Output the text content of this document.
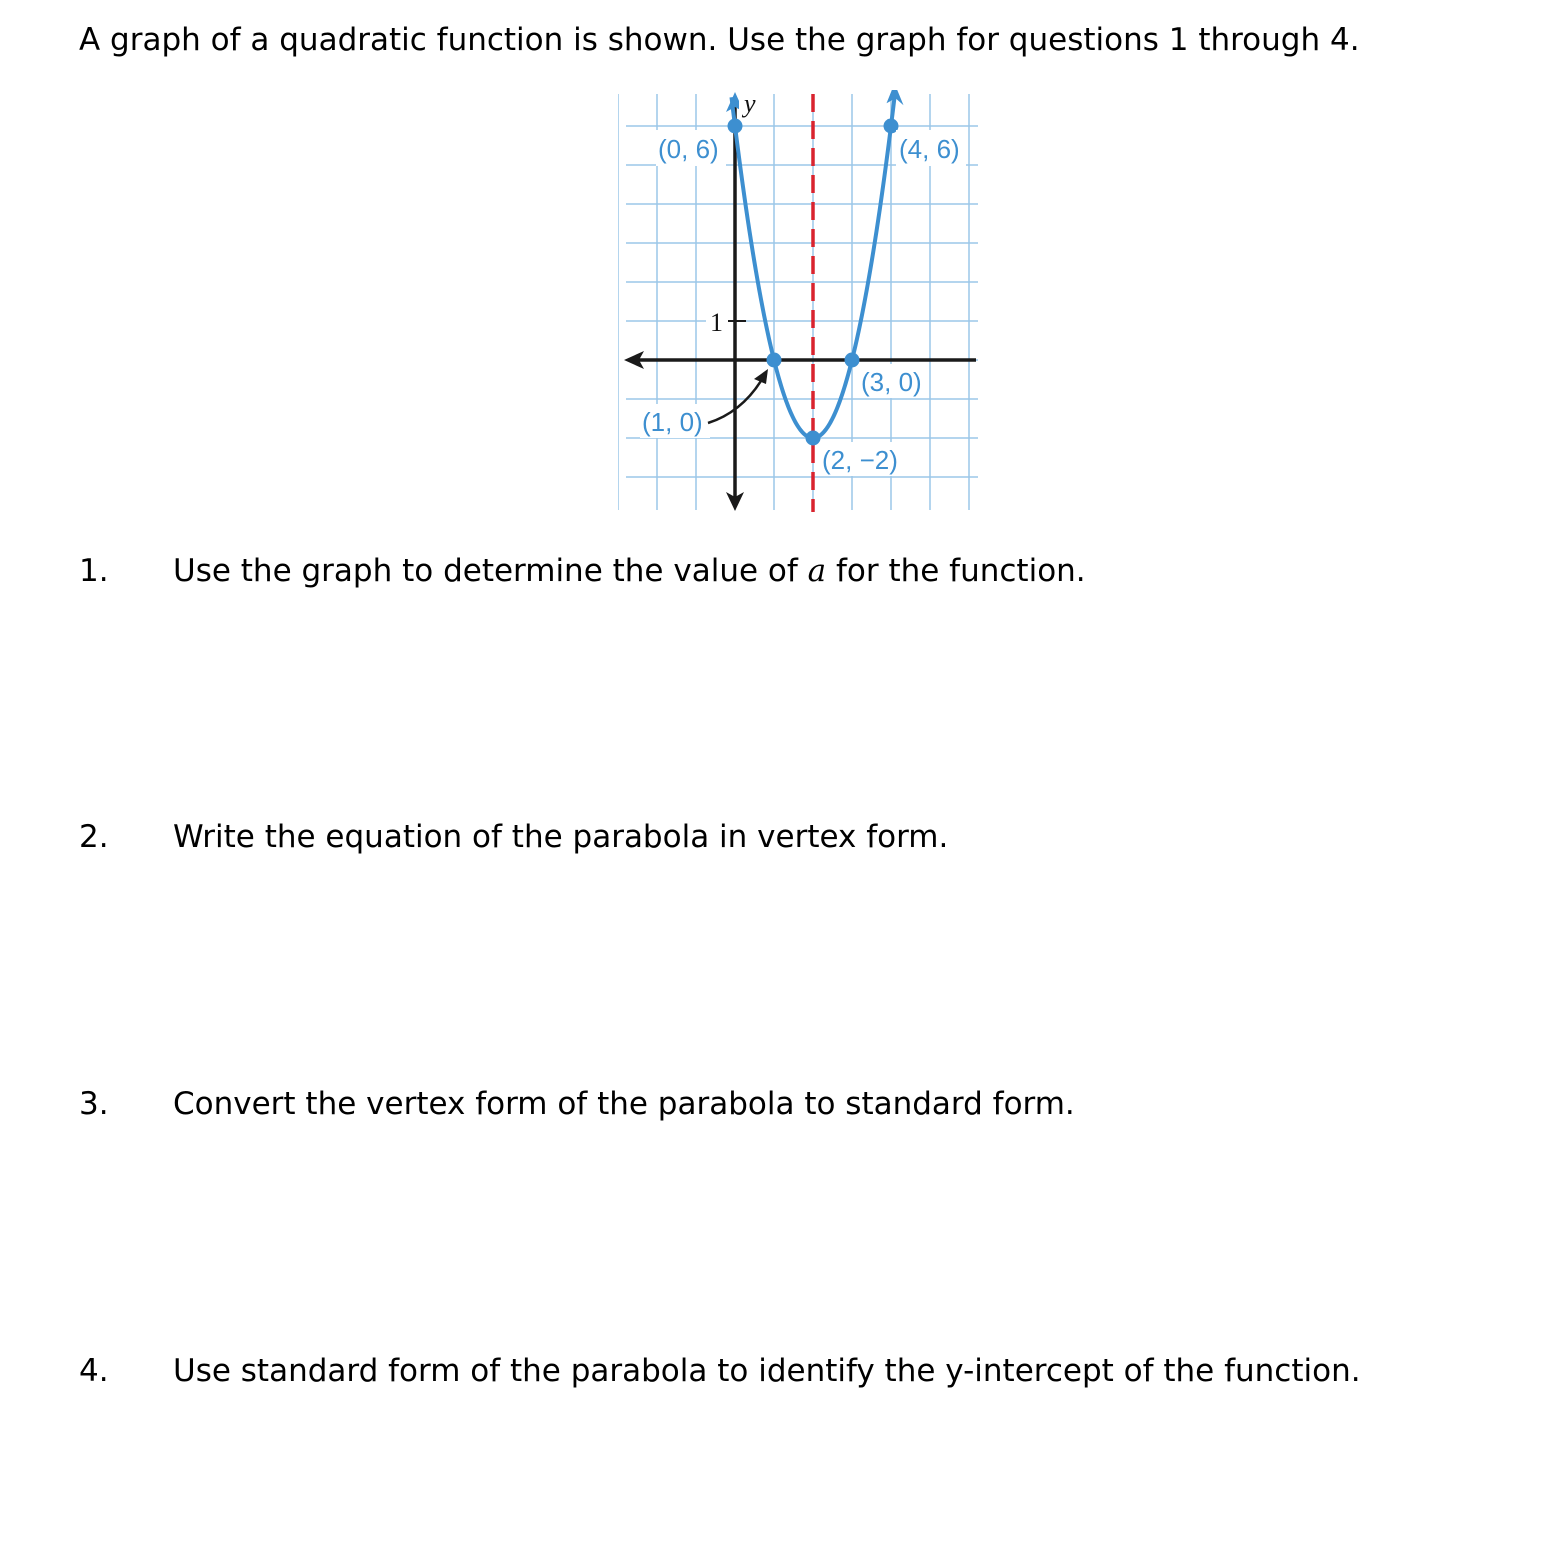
A graph of a quadratic function is shown. Use the graph for questions 1 through 4.
1
y
(0, 6)	(4, 6)
(3, 0)
(1, 0)
(2, −2)
1. Use the graph to determine the value of a for the function.
2. Write the equation of the parabola in vertex form.
3. Convert the vertex form of the parabola to standard form.
4. Use standard form of the parabola to identify the y-intercept of the function.
